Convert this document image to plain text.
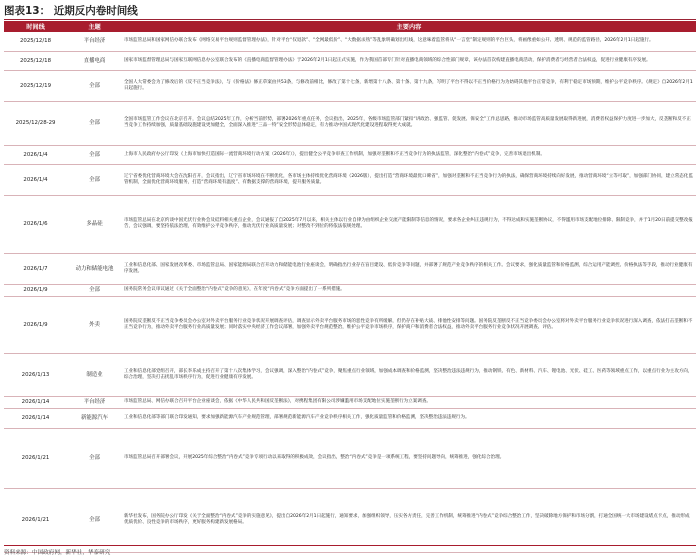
图表13： 近期反内卷时间线
时间线	主题	主要内容
2025/12/18	平台经济	市场监管总局和国家网信办联合发布《网络交易平台规则监督管理办法》，针对平台“仅退款”、“全网最低价”、“大数据杀熟”等乱象明确划出红线，这意味着监管将从“一言堂”制定规则的平台巨头，将画像重如公开、透明、规范的监管路径，2026年2月1日起施行。
2025/12/18	直播电商	国家市场监督管理总局与国家互联网信息办公室联合发布的《直播电商监督管理办法》于2026年2月1日起正式实施，作为我国首部专门针对直播电商领域的综合性部门规章，该办法首次构建直播电商活动，保护消费者与经营者合法权益，促进行业健康有序发展。
2025/12/19	全部	全国人大常委会为了修改后的《反不正当竞争法》，与《价格法》修正草案由共53条，与修改前相比，修改了第十七条，新增第十八条、第十条、第十九条，写明了平台不得以不正当价格行为为妨碍其他平台正常竞争，有利于稳定市场预期，维护公平竞争秩序。《规定》自2026年2月1日起施行。
2025/12/28-29	全部	全国市场监管工作会议在北京召开，会议总结2025年工作，分析当前形势，部署2026年重点任务，会议指出，2025年，各级市场监管部门紧扣“讲政治、强监管、促发展、保安全”工作总思路，推动市场监管高质量发展取得新进展，消费者权益保护力度进一步加大，反垄断和反不正当竞争工作持续加强，质量基础设施建设更加健全，全面深入推进“三品一特”安全形势总体稳定，有力推动中国式现代化建设进程取得更大成就。
2026/1/4	全部	上海市人民政府办公厅印发《上海市加快打造国际一流营商环境行动方案（2026年）》，提出健全公平竞争审查工作机制，加强对垄断和不正当竞争行为的执法监管，深化整治“内卷式”竞争，完善市场退出机制。
2026/1/4	全部	辽宁省委优化营商环境大会在沈阳召开，会议指出，辽宁省市场环境在不断优化，各市场主体持续优化营商环境（2026版），提出打造“营商环境最优口碑省”，加强对垄断和不正当竞争行为的执法，确保营商环境持续向好发展，推动营商环境“立等可取”，加强部门协同，建立常态化监管机制，全面优化营商环境服务，打造“营商环境有温度”、有数据支撑的营商环境，提升服务质量。
2026/1/6	多晶硅	市场监管总局在北京约谈中国光伏行业协会及硅料相关重点企业，会议通报了自2025年7月以来，相关主体以行业自律为由组织企业交流产能限制等信息的情况，要求各企业纠正违规行为，不得达成和实施垄断协议，不得滥用市场支配地位排除、限制竞争，并于1月20日前提交整改报告，会议强调，要坚持依法治理，有效维护公平竞争秩序，推动光伏行业高质量发展；对整改不到位的将依法依规处理。
2026/1/7	动力和储能电池	工业和信息化部、国家发展改革委、市场监管总局、国家能源局联合召开动力和储能电池行业座谈会，明确指出行业存在盲目建设、低价竞争等问题，并部署了规范产业竞争秩序的相关工作。会议要求，强化质量监管和价格监测，综合运用产能调控、价格执法等手段，推动行业健康有序发展。
2026/1/9	全部	国务院常务会议审议通过《关于全面整治“内卷式”竞争的意见》，在年度“内卷式”竞争方面提出了一系列措施。
2026/1/9	外卖	国务院反垄断反不正当竞争委员会办公室对外卖平台服务行业竞争状况开展调查评估，调查显示外卖平台服务市场的恶性竞争有所缓解，但仍存在补贴大战、排他性安排等问题。国务院反垄断反不正当竞争委员会办公室将对外卖平台服务行业竞争状况进行深入调查，依法打击垄断和不正当竞争行为，推动外卖平台服务行业高质量发展；同时落实中央经济工作会议部署，加强外卖平台规范整治，维护公平竞争市场秩序，保护商户和消费者合法权益，推动外卖平台服务行业竞争状况开展调查、评估。
2026/1/13	制造业	工业和信息化部党组召开，部长李乐成主持召开了第十八次集体学习，会议强调，深入整治“内卷式”竞争，聚焦重点行业领域，加强成本调查和价格监测，坚决整治违法违规行为，推动钢铁、有色、新材料、汽车、锂电池、光伏、硅工、医药等领域重点工作，以重点行业为主攻方向，综合治理，坚决打击扰乱市场秩序行为，促进行业健康有序发展。
2026/1/14	平台经济	市场监管总局、网信办联合召开平台企业座谈会，依据《中华人民共和国反垄断法》，对携程集团有限公司涉嫌滥用市场支配地位实施垄断行为立案调查。
2026/1/14	新能源汽车	工业和信息化部等部门联合印发通知，要求加强新能源汽车产业规范管理，部署规范新能源汽车产业竞争秩序相关工作，强化质量监管和价格监测，坚决整治违法违规行为。
2026/1/21	全部	市场监管总局召开部署会议，开展2025年综合整治“内卷式”竞争专项行动以来取得的积极成效，会议指出，整治“内卷式”竞争是一项系统工程，要坚持问题导向，统筹推进，强化综合治理。
2026/1/21	全部	新华社发布，国务院办公厅印发《关于全面整治“内卷式”竞争的实施意见》，提出自2026年2月1日起施行，通知要求，加强组织领导，压实各方责任，完善工作机制，统筹推进“内卷式”竞争综合整治工作，坚决破除地方保护和市场分割，打通全国统一大市场建设堵点卡点，推动形成优质优价、良性竞争的市场秩序，更好服务构建新发展格局。
资料来源：中国政府网，新华社，华泰研究
